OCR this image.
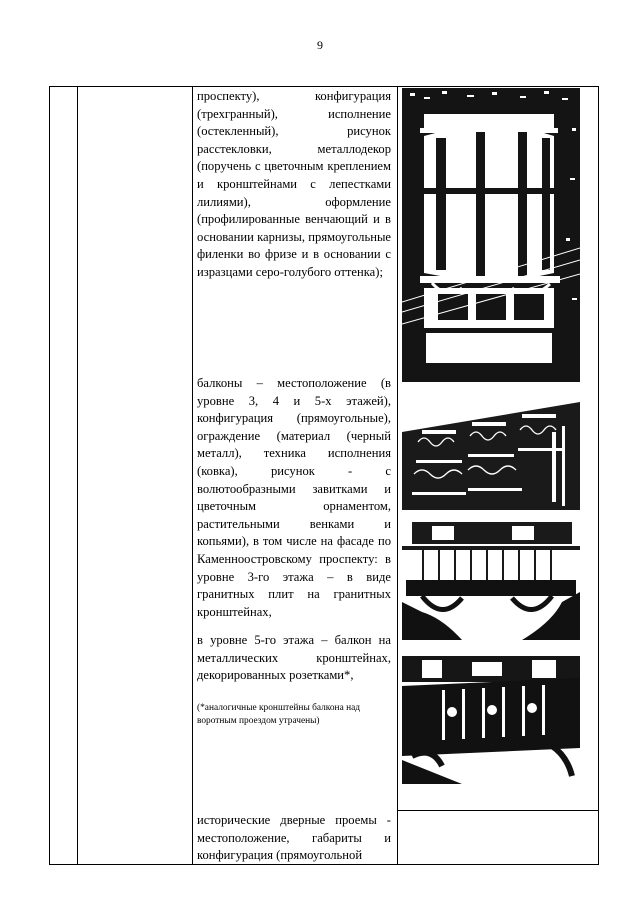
9
проспекту), конфигурация (трехгранный), исполнение (остекленный), рисунок расстекловки, металлодекор (поручень с цветочным креплением и кронштейнами с лепестками лилиями), оформление (профилированные венчающий и в основании карнизы, прямоугольные филенки во фризе и в основании с изразцами серо-голубого оттенка);
балконы – местоположение (в уровне 3, 4 и 5-х этажей), конфигурация (прямоугольные), ограждение (материал (черный металл), техника исполнения (ковка), рисунок - с волютообразными завитками и цветочным орнаментом, растительными венками и копьями), в том числе на фасаде по Каменноостровскому проспекту: в уровне 3-го этажа – в виде гранитных плит на гранитных кронштейнах,
в уровне 5-го этажа – балкон на металлических кронштейнах, декорированных розетками*,
(*аналогичные кронштейны балкона над воротным проездом утрачены)
исторические дверные проемы - местоположение, габариты и конфигурация (прямоугольной
